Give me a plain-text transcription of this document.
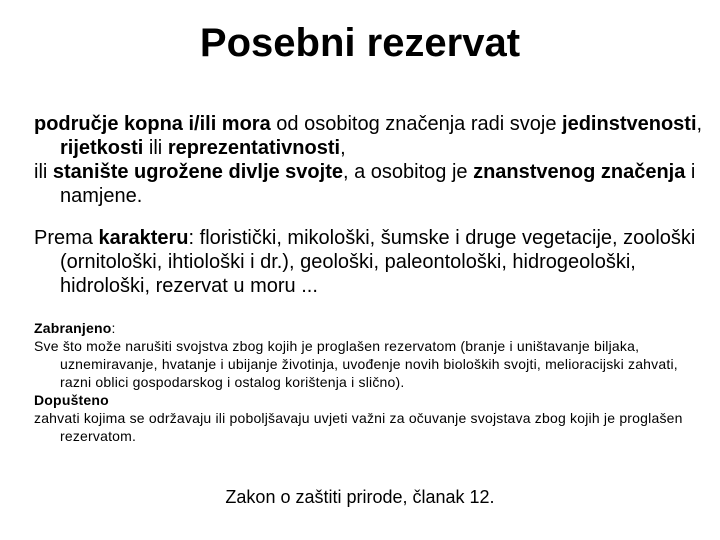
Posebni rezervat

područje kopna i/ili mora od osobitog značenja radi svoje jedinstvenosti, rijetkosti ili reprezentativnosti,

ili stanište ugrožene divlje svojte, a osobitog je znanstvenog značenja i namjene.

Prema karakteru: floristički, mikološki, šumske i druge vegetacije, zoološki (ornitološki, ihtiološki i dr.), geološki, paleontološki, hidrogeološki, hidrološki, rezervat u moru ...

Zabranjeno:

Sve što može narušiti svojstva zbog kojih je proglašen rezervatom (branje i uništavanje biljaka, uznemiravanje, hvatanje i ubijanje životinja, uvođenje novih bioloških svojti, melioracijski zahvati, razni oblici gospodarskog i ostalog korištenja i slično).

Dopušteno

zahvati kojima se održavaju ili poboljšavaju uvjeti važni za očuvanje svojstava zbog kojih je proglašen rezervatom.

Zakon o zaštiti prirode, članak 12.
